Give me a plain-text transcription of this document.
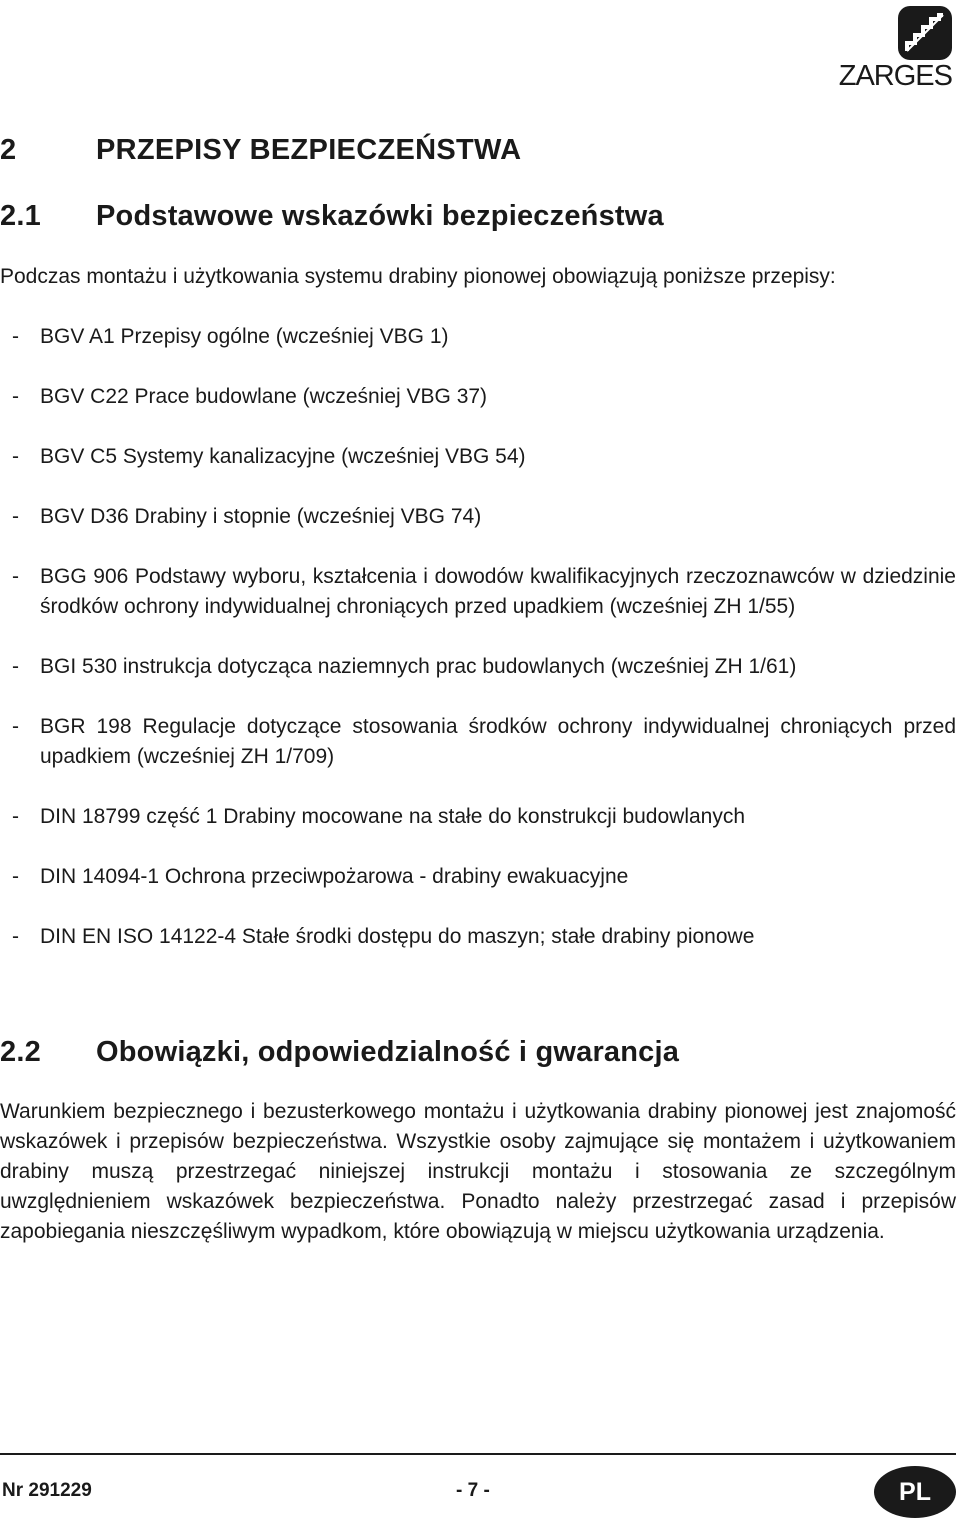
ZARGES
2	PRZEPISY BEZPIECZEŃSTWA
2.1 Podstawowe wskazówki bezpieczeństwa
Podczas montażu i użytkowania systemu drabiny pionowej obowiązują poniższe przepisy:
- BGV A1 Przepisy ogólne (wcześniej VBG 1)
- BGV C22 Prace budowlane (wcześniej VBG 37)
- BGV C5 Systemy kanalizacyjne (wcześniej VBG 54)
- BGV D36 Drabiny i stopnie (wcześniej VBG 74)
- BGG 906 Podstawy wyboru, kształcenia i dowodów kwalifikacyjnych rzeczoznawców w dziedzinie środków ochrony indywidualnej chroniących przed upadkiem (wcześniej ZH 1/55)
- BGI 530 instrukcja dotycząca naziemnych prac budowlanych (wcześniej ZH 1/61)
- BGR 198 Regulacje dotyczące stosowania środków ochrony indywidualnej chroniących przed upadkiem (wcześniej ZH 1/709)
- DIN 18799 część 1 Drabiny mocowane na stałe do konstrukcji budowlanych
- DIN 14094-1 Ochrona przeciwpożarowa - drabiny ewakuacyjne
- DIN EN ISO 14122-4 Stałe środki dostępu do maszyn; stałe drabiny pionowe
2.2 Obowiązki, odpowiedzialność i gwarancja

Warunkiem bezpiecznego i bezusterkowego montażu i użytkowania drabiny pionowej jest znajomość wskazówek i przepisów bezpieczeństwa. Wszystkie osoby zajmujące się montażem i użytkowaniem drabiny muszą przestrzegać niniejszej instrukcji montażu i stosowania ze szczególnym uwzględnieniem wskazówek bezpieczeństwa. Ponadto należy przestrzegać zasad i przepisów zapobiegania nieszczęśliwym wypadkom, które obowiązują w miejscu użytkowania urządzenia.

Nr 291229	- 7 -	PL
